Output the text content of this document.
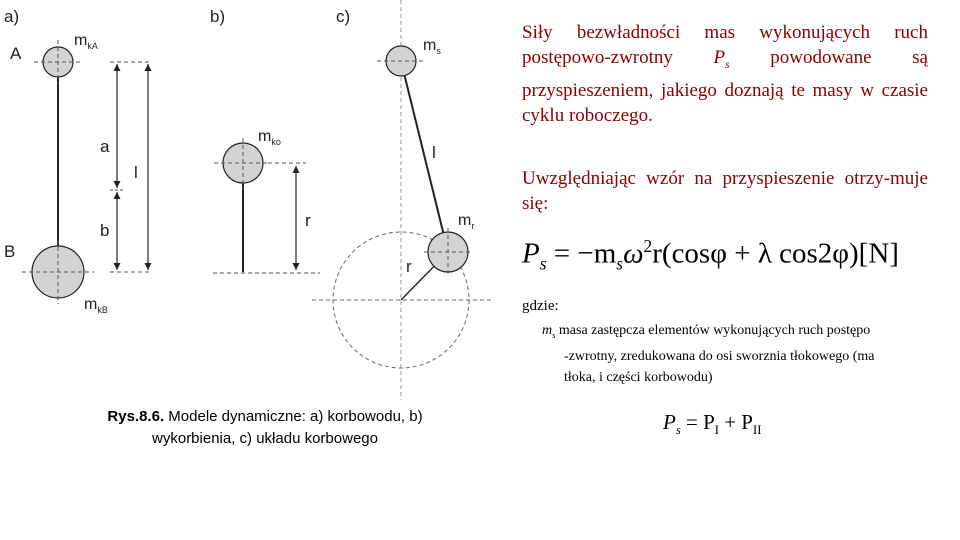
a)
A
B
$m_{kA}$
$m_{kB}$
a
b
l
b)
$m_{ko}$
r
c)
$m_s$
$m_r$
l
r
Rys.8.6. Modele dynamiczne: a) korbowodu, b)
wykorbienia, c) układu korbowego

Siły bezwładności mas wykonujących ruch postępowo-zwrotny $P_s$ powodowane są przyspieszeniem, jakiego doznają te masy w czasie cyklu roboczego.

Uwzględniając wzór na przyspieszenie otrzy-muje się:

$P_s = -m_s\omega^2r(\cos\varphi + \lambda$ cos2φ)[N]
gdzie:
$m_s$ masa zastępcza elementów wykonujących ruch postępo
-zwrotny, zredukowana do osi sworznia tłokowego (ma
tłoka, i części korbowodu)
$P_s = P_I + P_{II}$
